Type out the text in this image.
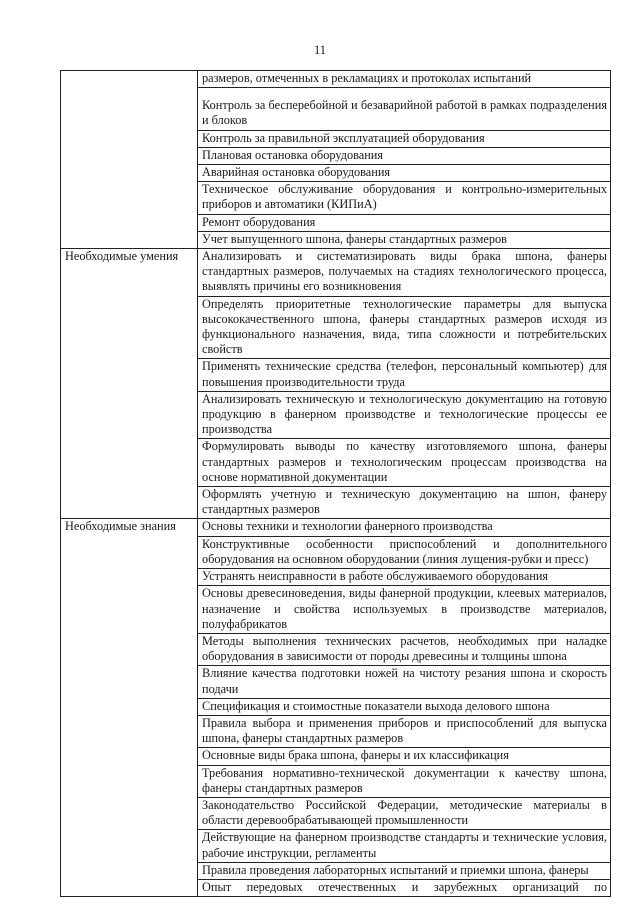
11
	размеров, отмеченных в рекламациях и протоколах испытаний
	Контроль за бесперебойной и безаварийной работой в рамках подразделения и блоков
	Контроль за правильной эксплуатацией оборудования
	Плановая остановка оборудования
	Аварийная остановка оборудования
	Техническое обслуживание оборудования и контрольно-измерительных приборов и автоматики (КИПиА)
	Ремонт оборудования
	Учет выпущенного шпона, фанеры стандартных размеров
Необходимые умения	Анализировать и систематизировать виды брака шпона, фанеры стандартных размеров, получаемых на стадиях технологического процесса, выявлять причины его возникновения
	Определять приоритетные технологические параметры для выпуска высококачественного шпона, фанеры стандартных размеров исходя из функционального назначения, вида, типа сложности и потребительских свойств
	Применять технические средства (телефон, персональный компьютер) для повышения производительности труда
	Анализировать техническую и технологическую документацию на готовую продукцию в фанерном производстве и технологические процессы ее производства
	Формулировать выводы по качеству изготовляемого шпона, фанеры стандартных размеров и технологическим процессам производства на основе нормативной документации
	Оформлять учетную и техническую документацию на шпон, фанеру стандартных размеров
Необходимые знания	Основы техники и технологии фанерного производства
	Конструктивные особенности приспособлений и дополнительного оборудования на основном оборудовании (линия лущения-рубки и пресс)
	Устранять неисправности в работе обслуживаемого оборудования
	Основы древесиноведения, виды фанерной продукции, клеевых материалов, назначение и свойства используемых в производстве материалов, полуфабрикатов
	Методы выполнения технических расчетов, необходимых при наладке оборудования в зависимости от породы древесины и толщины шпона
	Влияние качества подготовки ножей на чистоту резания шпона и скорость подачи
	Спецификация и стоимостные показатели выхода делового шпона
	Правила выбора и применения приборов и приспособлений для выпуска шпона, фанеры стандартных размеров
	Основные виды брака шпона, фанеры и их классификация
	Требования нормативно-технической документации к качеству шпона, фанеры стандартных размеров
	Законодательство Российской Федерации, методические материалы в области деревообрабатывающей промышленности
	Действующие на фанерном производстве стандарты и технические условия, рабочие инструкции, регламенты
	Правила проведения лабораторных испытаний и приемки шпона, фанеры
	Опыт передовых отечественных и зарубежных организаций по
